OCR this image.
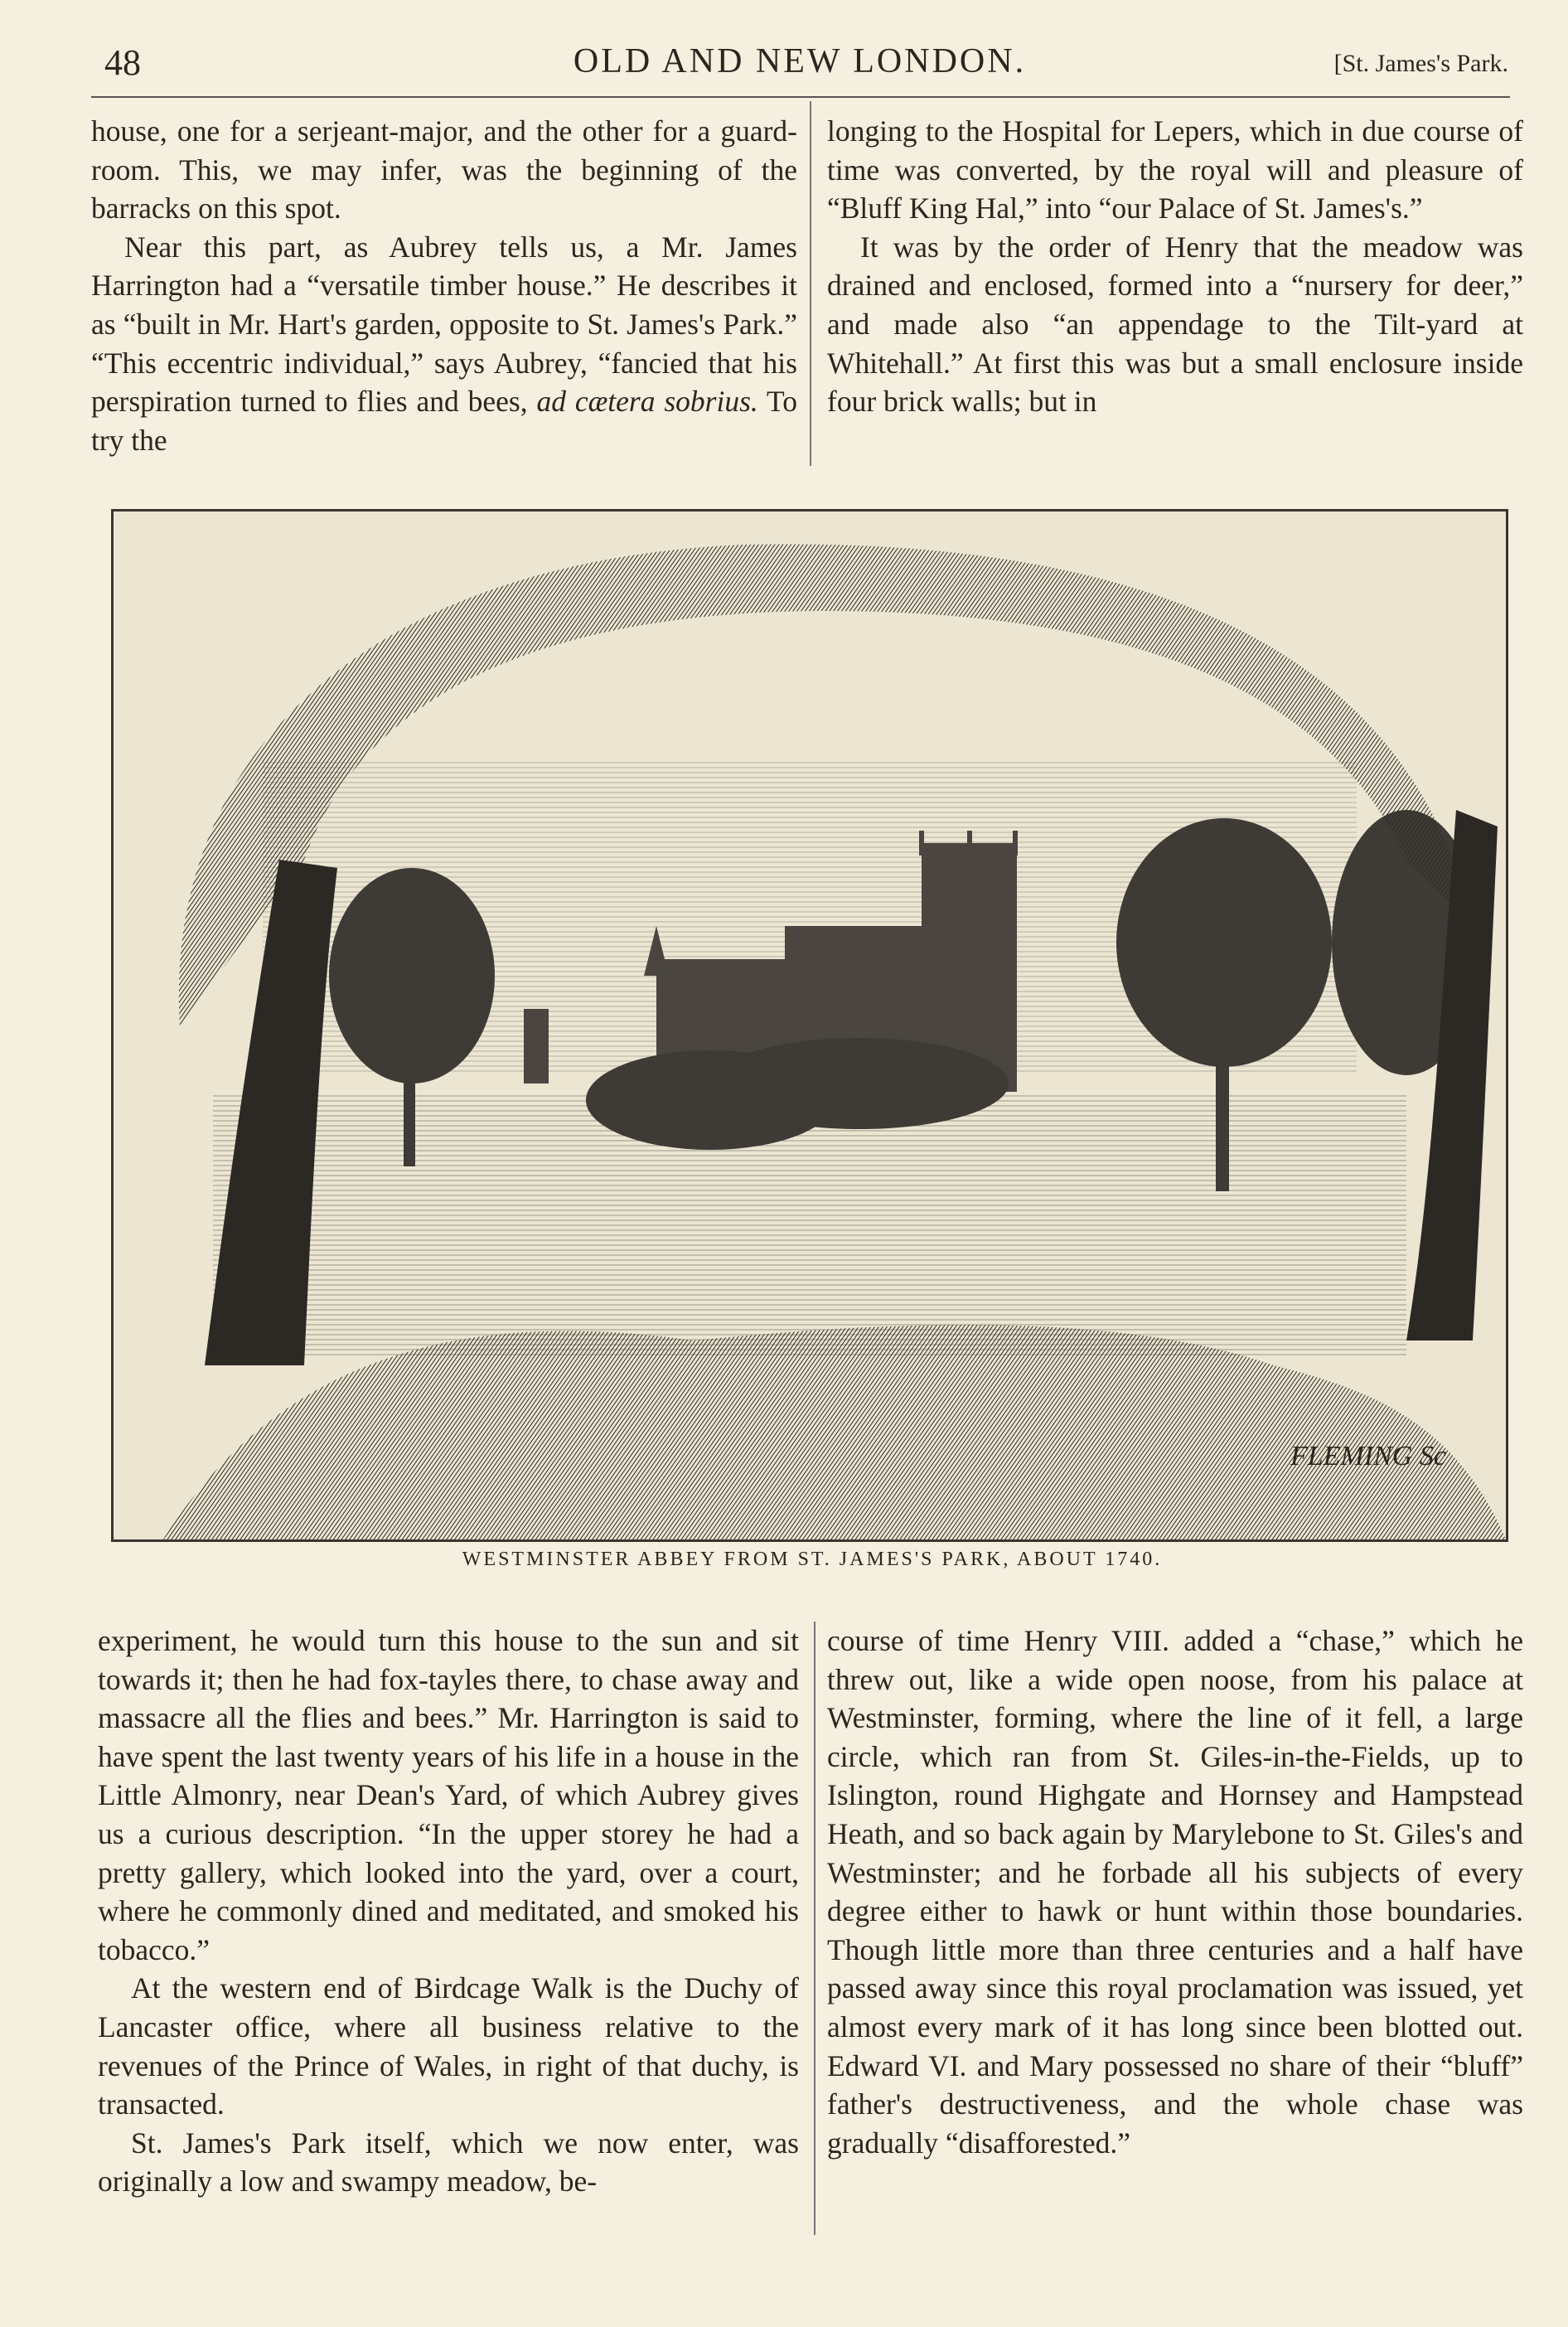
48	OLD AND NEW LONDON.	[St. James's Park.

house, one for a serjeant-major, and the other for a guard-room. This, we may infer, was the beginning of the barracks on this spot.

Near this part, as Aubrey tells us, a Mr. James Harrington had a “versatile timber house.” He describes it as “built in Mr. Hart's garden, opposite to St. James's Park.” “This eccentric individual,” says Aubrey, “fancied that his perspiration turned to flies and bees, ad cætera sobrius. To try the

longing to the Hospital for Lepers, which in due course of time was converted, by the royal will and pleasure of “Bluff King Hal,” into “our Palace of St. James's.”

It was by the order of Henry that the meadow was drained and enclosed, formed into a “nursery for deer,” and made also “an appendage to the Tilt-yard at Whitehall.” At first this was but a small enclosure inside four brick walls; but in

FLEMING Sc
WESTMINSTER ABBEY FROM ST. JAMES'S PARK, ABOUT 1740.

experiment, he would turn this house to the sun and sit towards it; then he had fox-tayles there, to chase away and massacre all the flies and bees.” Mr. Harrington is said to have spent the last twenty years of his life in a house in the Little Almonry, near Dean's Yard, of which Aubrey gives us a curious description. “In the upper storey he had a pretty gallery, which looked into the yard, over a court, where he commonly dined and meditated, and smoked his tobacco.”

At the western end of Birdcage Walk is the Duchy of Lancaster office, where all business relative to the revenues of the Prince of Wales, in right of that duchy, is transacted.

St. James's Park itself, which we now enter, was originally a low and swampy meadow, be-

course of time Henry VIII. added a “chase,” which he threw out, like a wide open noose, from his palace at Westminster, forming, where the line of it fell, a large circle, which ran from St. Giles-in-the-Fields, up to Islington, round Highgate and Hornsey and Hampstead Heath, and so back again by Marylebone to St. Giles's and Westminster; and he forbade all his subjects of every degree either to hawk or hunt within those boundaries. Though little more than three centuries and a half have passed away since this royal proclamation was issued, yet almost every mark of it has long since been blotted out. Edward VI. and Mary possessed no share of their “bluff” father's destructiveness, and the whole chase was gradually “disafforested.”
